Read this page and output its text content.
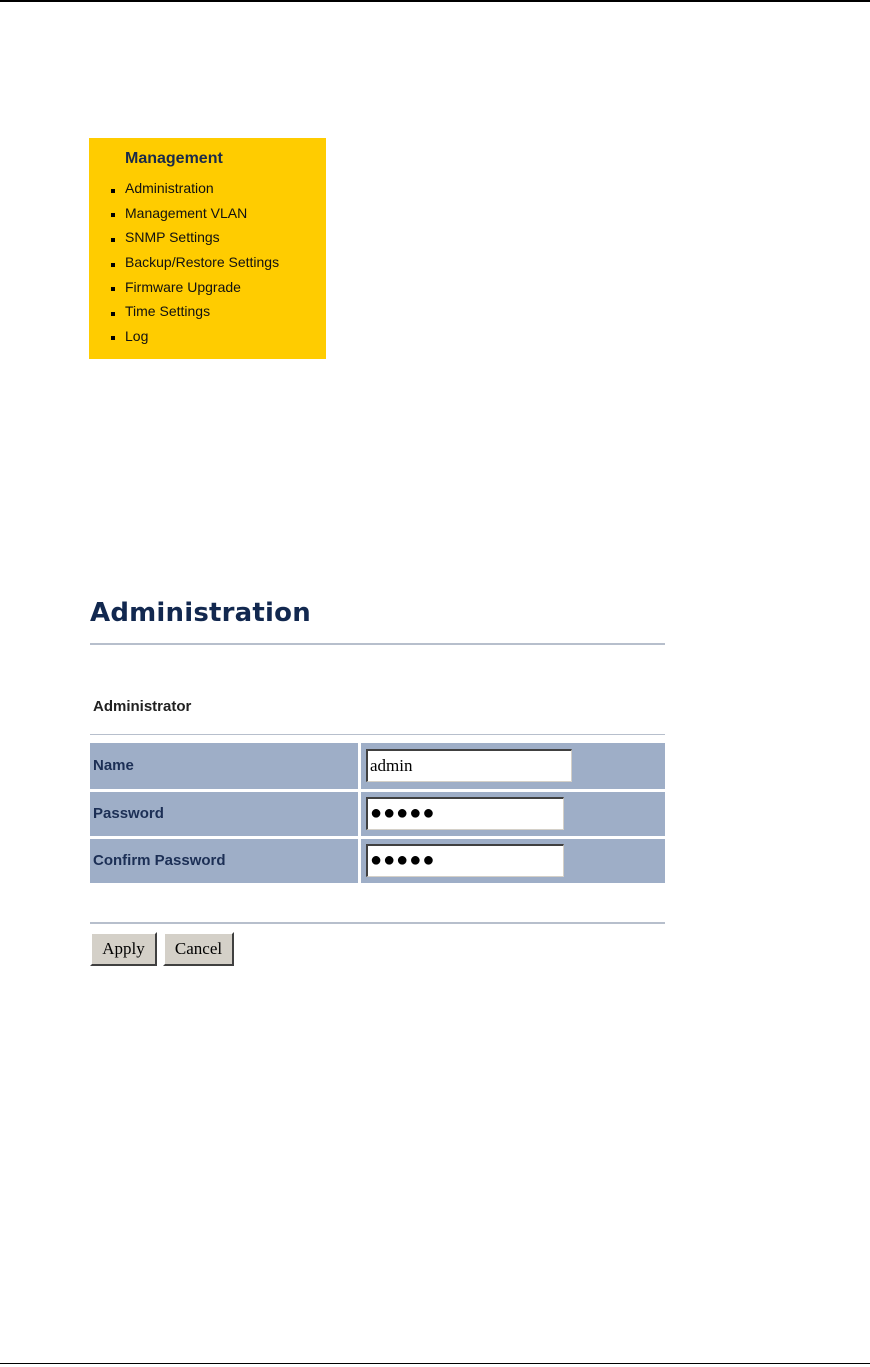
Management
Administration
Management VLAN
SNMP Settings
Backup/Restore Settings
Firmware Upgrade
Time Settings
Log
Administration
Administrator
Name	admin
Password	●●●●●
Confirm Password	●●●●●
Apply	Cancel
